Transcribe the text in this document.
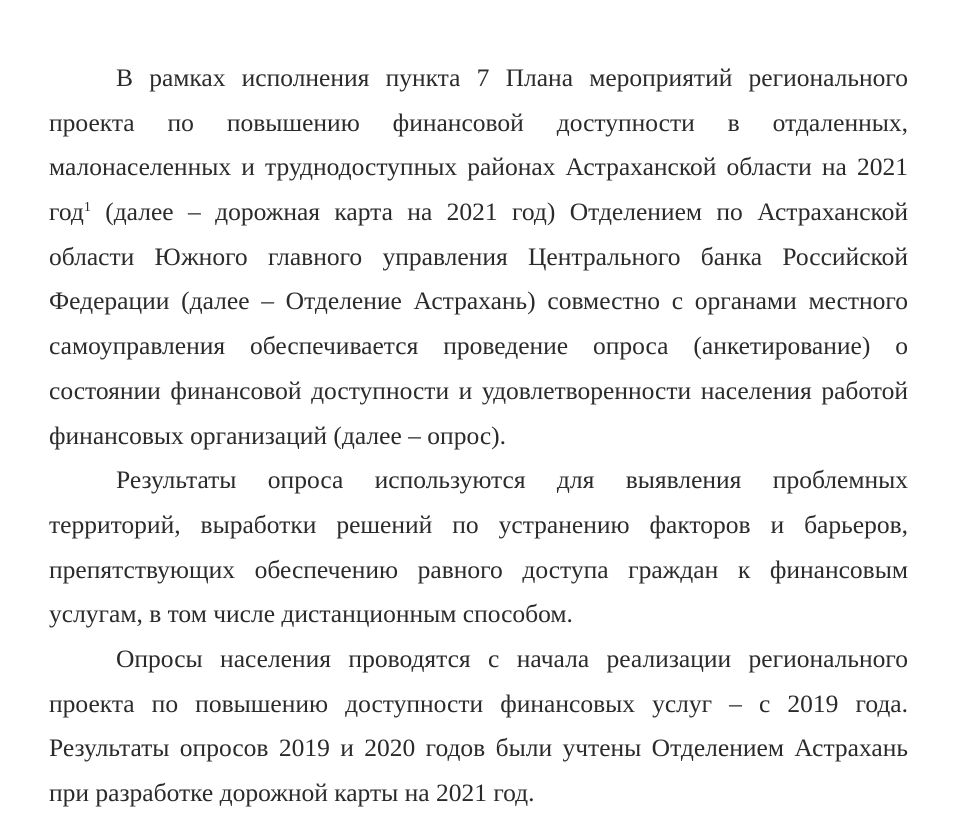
В рамках исполнения пункта 7 Плана мероприятий регионального
проекта по повышению финансовой доступности в отдаленных,
малонаселенных и труднодоступных районах Астраханской области на 2021
год$^1$ (далее – дорожная карта на 2021 год) Отделением по Астраханской
области Южного главного управления Центрального банка Российской
Федерации (далее – Отделение Астрахань) совместно с органами местного
самоуправления обеспечивается проведение опроса (анкетирование) о
состоянии финансовой доступности и удовлетворенности населения работой
финансовых организаций (далее – опрос).

Результаты опроса используются для выявления проблемных
территорий, выработки решений по устранению факторов и барьеров,
препятствующих обеспечению равного доступа граждан к финансовым
услугам, в том числе дистанционным способом.

Опросы населения проводятся с начала реализации регионального
проекта по повышению доступности финансовых услуг – с 2019 года.
Результаты опросов 2019 и 2020 годов были учтены Отделением Астрахань
при разработке дорожной карты на 2021 год.
